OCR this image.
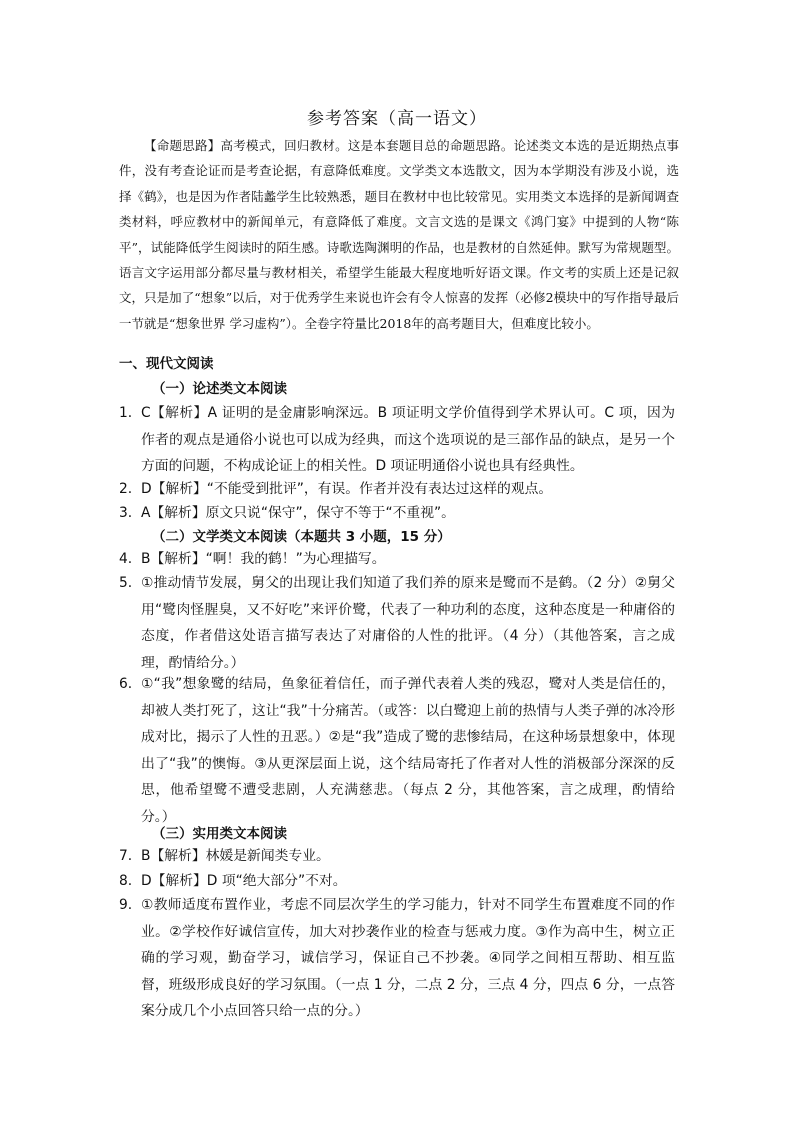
参考答案（高一语文）

【命题思路】高考模式，回归教材。这是本套题目总的命题思路。论述类文本选的是近期热点事件，没有考查论证而是考查论据，有意降低难度。文学类文本选散文，因为本学期没有涉及小说，选择《鹤》，也是因为作者陆蠡学生比较熟悉，题目在教材中也比较常见。实用类文本选择的是新闻调查类材料，呼应教材中的新闻单元，有意降低了难度。文言文选的是课文《鸿门宴》中提到的人物“陈平”，试能降低学生阅读时的陌生感。诗歌选陶渊明的作品，也是教材的自然延伸。默写为常规题型。语言文字运用部分都尽量与教材相关，希望学生能最大程度地听好语文课。作文考的实质上还是记叙文，只是加了“想象”以后，对于优秀学生来说也许会有令人惊喜的发挥（必修2模块中的写作指导最后一节就是“想象世界 学习虚构”）。全卷字符量比2018年的高考题目大，但难度比较小。

一、现代文阅读
（一）论述类文本阅读
1. C【解析】A 证明的是金庸影响深远。B 项证明文学价值得到学术界认可。C 项，因为作者的观点是通俗小说也可以成为经典，而这个选项说的是三部作品的缺点，是另一个方面的问题，不构成论证上的相关性。D 项证明通俗小说也具有经典性。
2. D【解析】“不能受到批评”，有误。作者并没有表达过这样的观点。
3. A【解析】原文只说“保守”，保守不等于“不重视”。
（二）文学类文本阅读（本题共 3 小题，15 分）
4. B【解析】“啊！我的鹤！”为心理描写。
5. ①推动情节发展，舅父的出现让我们知道了我们养的原来是鹭而不是鹤。（2 分）②舅父用“鹭肉怪腥臭，又不好吃”来评价鹭，代表了一种功利的态度，这种态度是一种庸俗的态度，作者借这处语言描写表达了对庸俗的人性的批评。（4 分）（其他答案，言之成理，酌情给分。）
6. ①“我”想象鹭的结局，鱼象征着信任，而子弹代表着人类的残忍，鹭对人类是信任的，却被人类打死了，这让“我”十分痛苦。（或答：以白鹭迎上前的热情与人类子弹的冰冷形成对比，揭示了人性的丑恶。）②是“我”造成了鹭的悲惨结局，在这种场景想象中，体现出了“我”的懊悔。③从更深层面上说，这个结局寄托了作者对人性的消极部分深深的反思，他希望鹭不遭受悲剧，人充满慈悲。（每点 2 分，其他答案，言之成理，酌情给分。）
（三）实用类文本阅读
7. B【解析】林媛是新闻类专业。
8. D【解析】D 项“绝大部分”不对。
9. ①教师适度布置作业，考虑不同层次学生的学习能力，针对不同学生布置难度不同的作业。②学校作好诚信宣传，加大对抄袭作业的检查与惩戒力度。③作为高中生，树立正确的学习观，勤奋学习，诚信学习，保证自己不抄袭。④同学之间相互帮助、相互监督，班级形成良好的学习氛围。（一点 1 分，二点 2 分，三点 4 分，四点 6 分，一点答案分成几个小点回答只给一点的分。）
